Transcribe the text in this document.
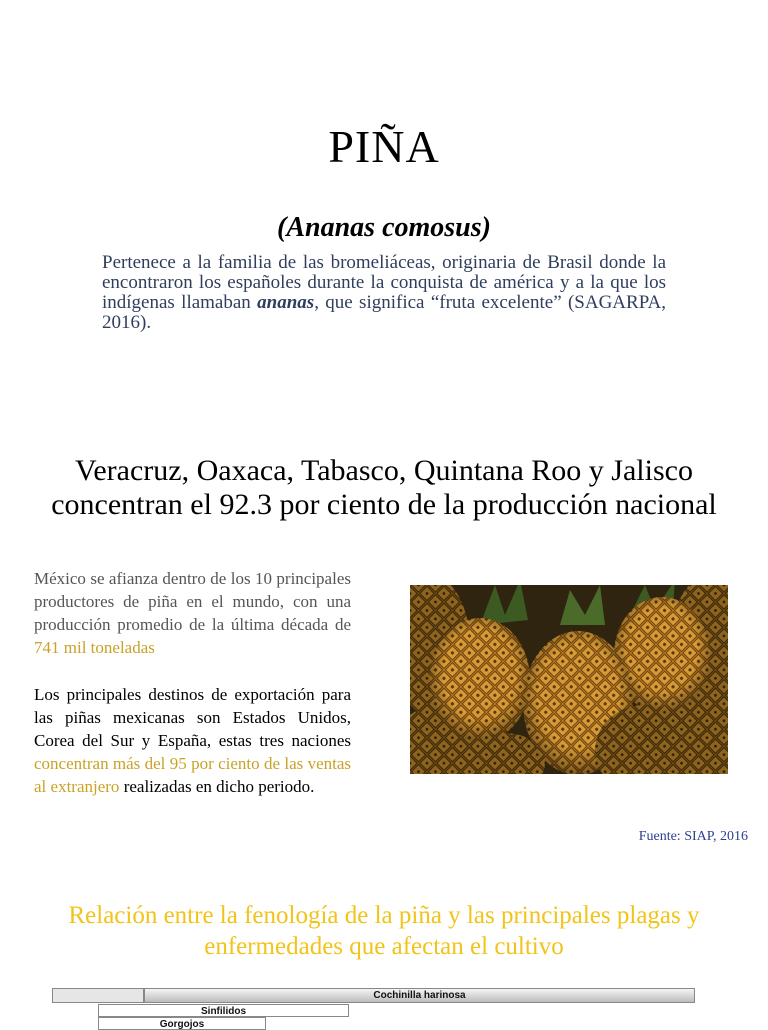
PIÑA
(Ananas comosus)
Pertenece a la familia de las bromeliáceas, originaria de Brasil donde la encontraron los españoles durante la conquista de américa y a la que los indígenas llamaban ananas, que significa “fruta excelente” (SAGARPA, 2016).
Veracruz, Oaxaca, Tabasco, Quintana Roo y Jalisco concentran el 92.3 por ciento de la producción nacional
México se afianza dentro de los 10 principales productores de piña en el mundo, con una producción promedio de la última década de 741 mil toneladas
Los principales destinos de exportación para las piñas mexicanas son Estados Unidos, Corea del Sur y España, estas tres naciones concentran más del 95 por ciento de las ventas al extranjero realizadas en dicho periodo.
Fuente: SIAP, 2016
Relación entre la fenología de la piña y las principales plagas y enfermedades que afectan el cultivo
Cochinilla harinosa
Sinfilidos
Gorgojos
